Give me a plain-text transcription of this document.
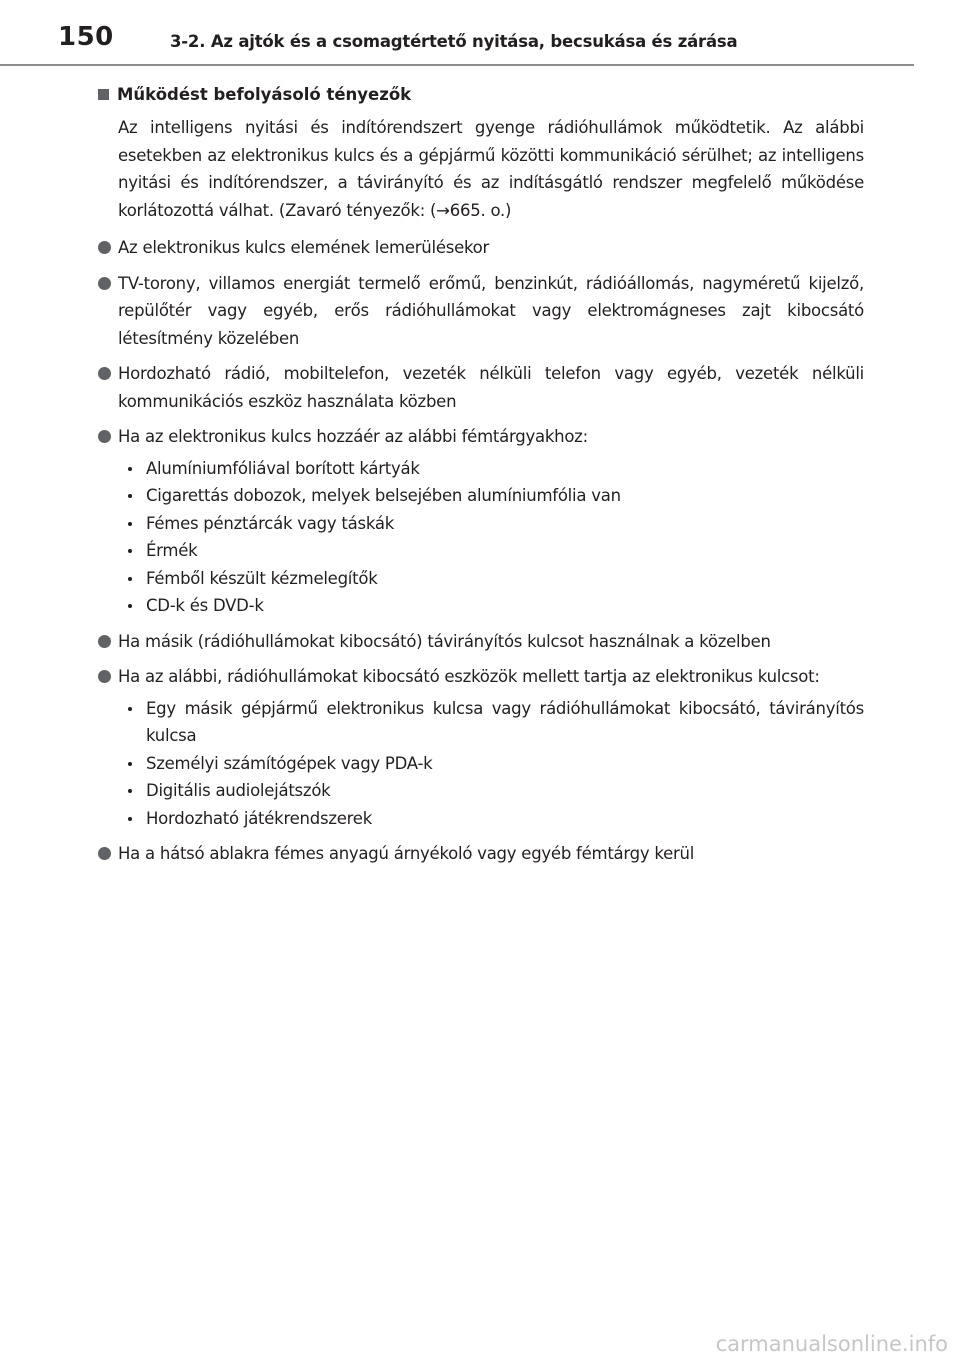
150	3-2. Az ajtók és a csomagtértető nyitása, becsukása és zárása
Működést befolyásoló tényezők

Az intelligens nyitási és indítórendszert gyenge rádióhullámok működtetik. Az alábbi esetekben az elektronikus kulcs és a gépjármű közötti kommunikáció sérülhet; az intelligens nyitási és indítórendszer, a távirányító és az indításgátló rendszer megfelelő működése korlátozottá válhat. (Zavaró tényezők: (→665. o.)

Az elektronikus kulcs elemének lemerülésekor
TV-torony, villamos energiát termelő erőmű, benzinkút, rádióállomás, nagyméretű kijelző, repülőtér vagy egyéb, erős rádióhullámokat vagy elektromágneses zajt kibocsátó létesítmény közelében
Hordozható rádió, mobiltelefon, vezeték nélküli telefon vagy egyéb, vezeték nélküli kommunikációs eszköz használata közben
Ha az elektronikus kulcs hozzáér az alábbi fémtárgyakhoz:
Alumíniumfóliával borított kártyák
Cigarettás dobozok, melyek belsejében alumíniumfólia van
Fémes pénztárcák vagy táskák
Érmék
Fémből készült kézmelegítők
CD-k és DVD-k
Ha másik (rádióhullámokat kibocsátó) távirányítós kulcsot használnak a közelben
Ha az alábbi, rádióhullámokat kibocsátó eszközök mellett tartja az elektronikus kulcsot:
Egy másik gépjármű elektronikus kulcsa vagy rádióhullámokat kibocsátó, távirányítós kulcsa
Személyi számítógépek vagy PDA-k
Digitális audiolejátszók
Hordozható játékrendszerek
Ha a hátsó ablakra fémes anyagú árnyékoló vagy egyéb fémtárgy kerül
carmanualsonline.info
